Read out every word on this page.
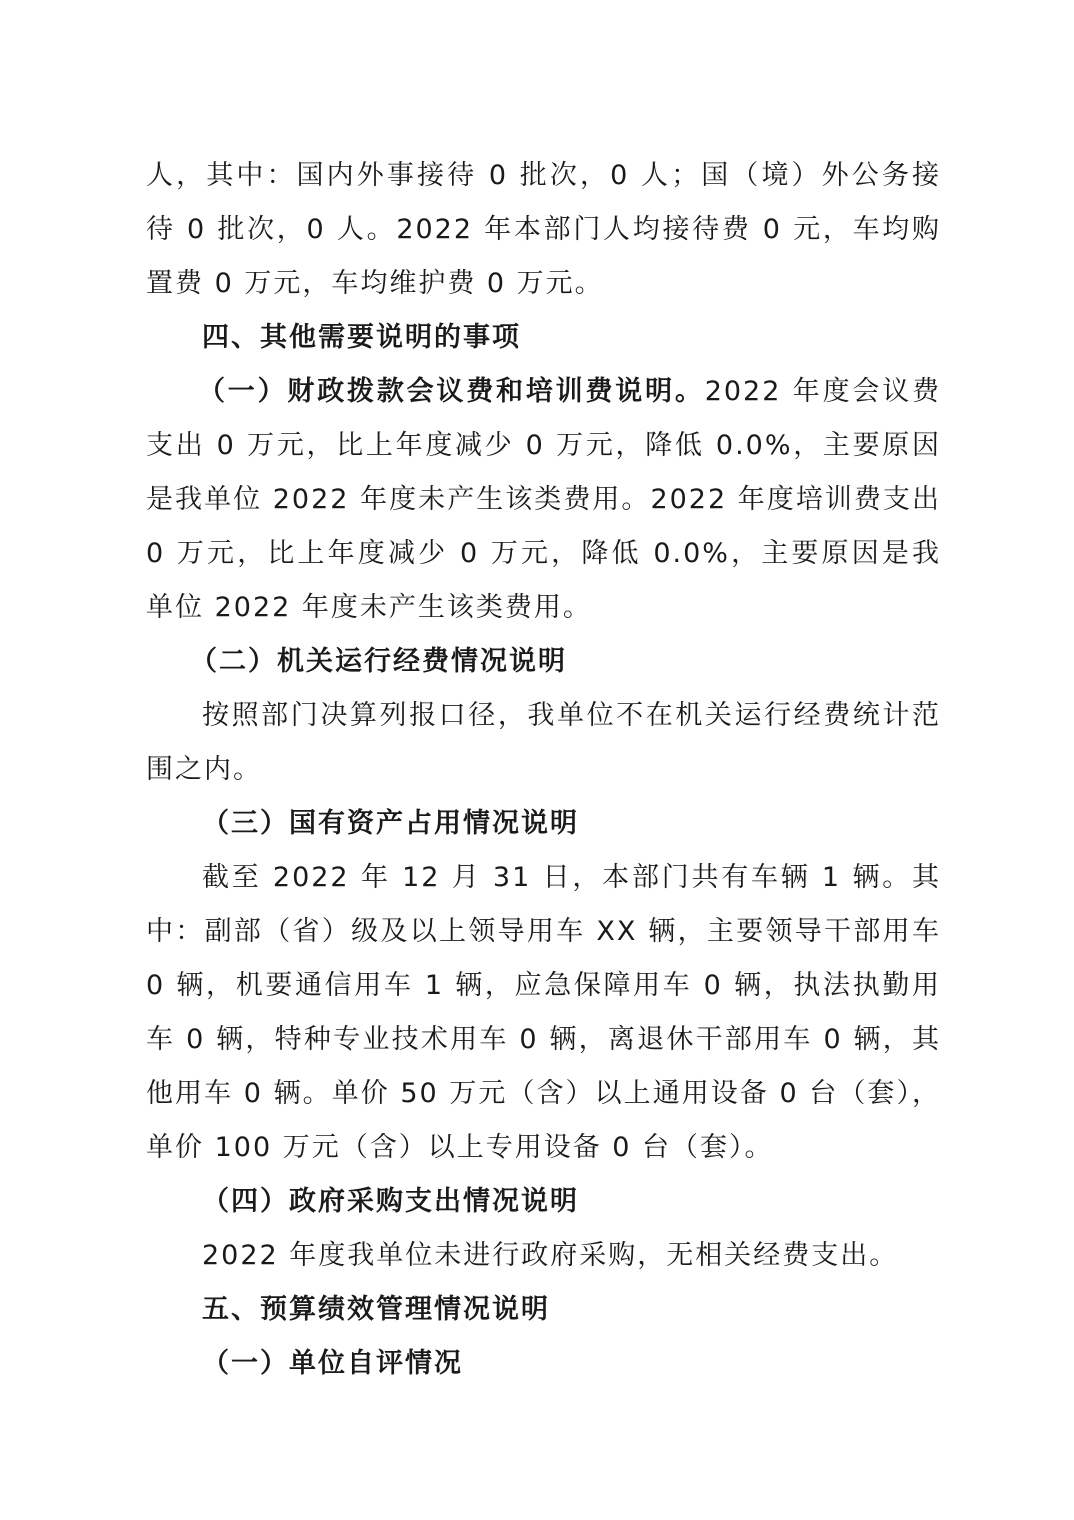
人，其中：国内外事接待 0 批次，0 人；国（境）外公务接待 0 批次，0 人。2022 年本部门人均接待费 0 元，车均购置费 0 万元，车均维护费 0 万元。
四、其他需要说明的事项
（一）财政拨款会议费和培训费说明。2022 年度会议费支出 0 万元，比上年度减少 0 万元，降低 0.0%，主要原因是我单位 2022 年度未产生该类费用。2022 年度培训费支出 0 万元，比上年度减少 0 万元，降低 0.0%，主要原因是我单位 2022 年度未产生该类费用。
（二）机关运行经费情况说明
按照部门决算列报口径，我单位不在机关运行经费统计范围之内。
（三）国有资产占用情况说明
截至 2022 年 12 月 31 日，本部门共有车辆 1 辆。其中：副部（省）级及以上领导用车 XX 辆，主要领导干部用车 0 辆，机要通信用车 1 辆，应急保障用车 0 辆，执法执勤用车 0 辆，特种专业技术用车 0 辆，离退休干部用车 0 辆，其他用车 0 辆。单价 50 万元（含）以上通用设备 0 台（套），单价 100 万元（含）以上专用设备 0 台（套）。
（四）政府采购支出情况说明
2022 年度我单位未进行政府采购，无相关经费支出。
五、预算绩效管理情况说明
（一）单位自评情况
